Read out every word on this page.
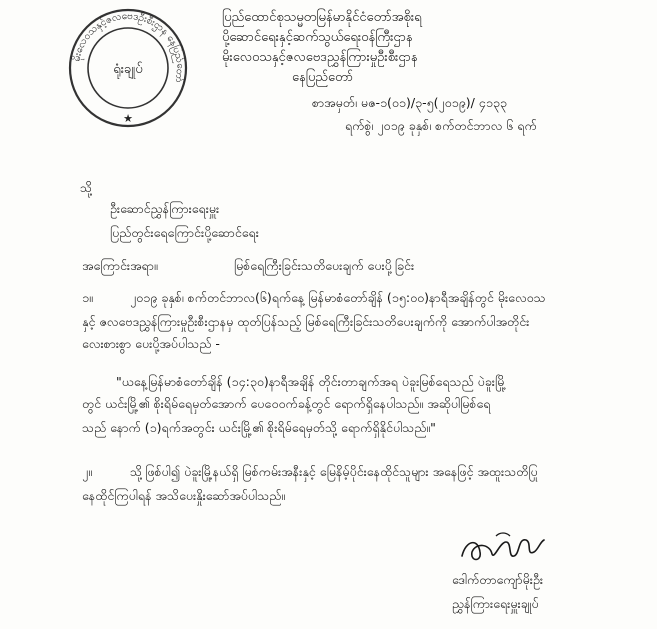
မိုးလေဝသနှင့်ဇလဗေဒဦးစီးဌာန နေပြည်တော်
ရုံးချုပ်
★
ပြည်ထောင်စုသမ္မတမြန်မာနိုင်ငံတော်အစိုးရ
ပို့ဆောင်ရေးနှင့်ဆက်သွယ်ရေးဝန်ကြီးဌာန
မိုးလေဝသနှင့်ဇလဗေဒညွှန်ကြားမှုဦးစီးဌာန
နေပြည်တော်
စာအမှတ်၊ မဇ-၁(၀၁)/၃-၅(၂၀၁၉)/ ၄၁၃၃
ရက်စွဲ၊ ၂၀၁၉ ခုနှစ်၊ စက်တင်ဘာလ ၆ ရက်
သို့
ဦးဆောင်ညွှန်ကြားရေးမှူး
ပြည်တွင်းရေကြောင်းပို့ဆောင်ရေး
အကြောင်းအရာ။	မြစ်ရေကြီးခြင်းသတိပေးချက် ပေးပို့ခြင်း
၁။	၂၀၁၉ ခုနှစ်၊ စက်တင်ဘာလ(၆)ရက်နေ့ မြန်မာစံတော်ချိန် (၁၅:၀၀)နာရီအချိန်တွင် မိုးလေဝသ
နှင့် ဇလဗေဒညွှန်ကြားမှုဦးစီးဌာနမှ ထုတ်ပြန်သည့် မြစ်ရေကြီးခြင်းသတိပေးချက်ကို အောက်ပါအတိုင်း
လေးစားစွာ ပေးပို့အပ်ပါသည် -
"ယနေ့မြန်မာစံတော်ချိန် (၁၄:၃၀)နာရီအချိန် တိုင်းတာချက်အရ ပဲခူးမြစ်ရေသည် ပဲခူးမြို့
တွင် ယင်းမြို့၏ စိုးရိမ်ရေမှတ်အောက် ပေ၀ေ၀က်ခန့်တွင် ရောက်ရှိနေပါသည်။ အဆိုပါမြစ်ရေ
သည် နောက် (၁)ရက်အတွင်း ယင်းမြို့၏ စိုးရိမ်ရေမှတ်သို့ ရောက်ရှိနိုင်ပါသည်။"
၂။	သို့ဖြစ်ပါ၍ ပဲခူးမြို့နယ်ရှိ မြစ်ကမ်းအနီးနှင့် မြေနိမ့်ပိုင်းနေထိုင်သူများ အနေဖြင့် အထူးသတိပြု
နေထိုင်ကြပါရန် အသိပေးနှိုးဆော်အပ်ပါသည်။
ဒေါက်တာကျော်မိုးဦး
ညွှန်ကြားရေးမှူးချုပ်
